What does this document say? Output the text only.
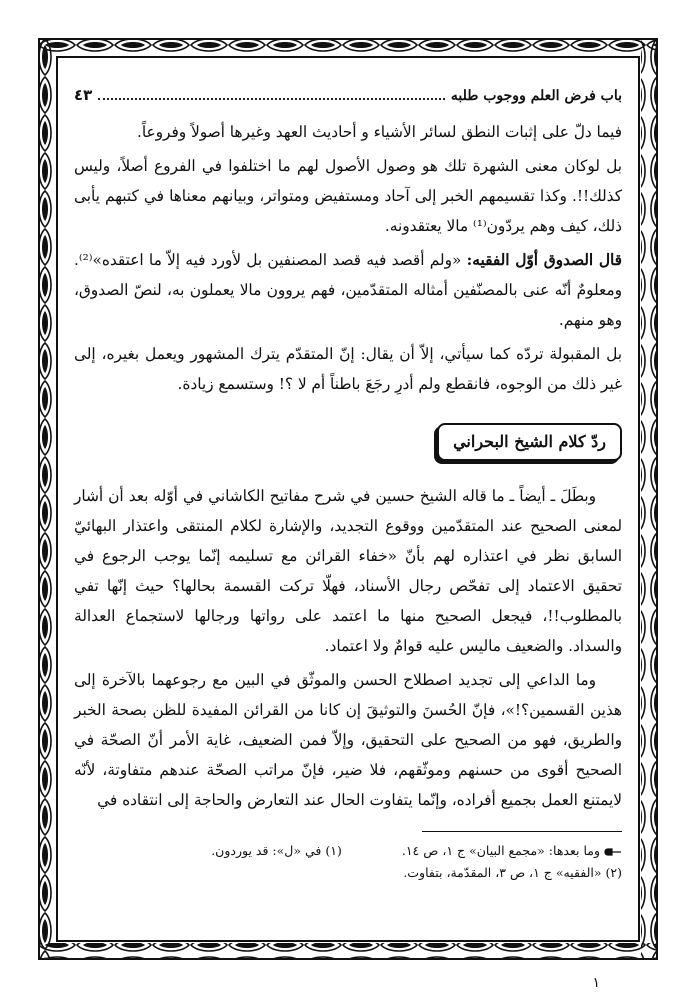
باب فرض العلم ووجوب طلبه
٤٣

فيما دلّ على إثبات النطق لسائر الأشياء و أحاديث العهد وغيرها أصولاً وفروعاً.

بل لوكان معنى الشهرة تلك هو وصول الأصول لهم ما اختلفوا في الفروع أصلاً، وليس كذلك!!. وكذا تقسيمهم الخبر إلى آحاد ومستفيض ومتواتر، وبيانهم معناها في كتبهم يأبى ذلك، كيف وهم يردّون⁽¹⁾ مالا يعتقدونه.

قال الصدوق أوّل الفقيه: «ولم أقصد فيه قصد المصنفين بل لأورد فيه إلاّ ما اعتقده»⁽²⁾. ومعلومٌ أنّه عنى بالمصنّفين أمثاله المتقدّمين، فهم يروون مالا يعملون به، لنصّ الصدوق، وهو منهم.

بل المقبولة تردّه كما سيأتي، إلاّ أن يقال: إنّ المتقدّم يترك المشهور ويعمل بغيره، إلى غير ذلك من الوجوه، فانقطع ولم أدرِ رجَعَ باطناً أم لا ؟! وستسمع زيادة.

ردّ كلام الشيخ البحراني

وبطَلَ ـ أيضاً ـ ما قاله الشيخ حسين في شرح مفاتيح الكاشاني في أوّله بعد أن أشار لمعنى الصحيح عند المتقدّمين ووقوع التجديد، والإشارة لكلام المنتقى واعتذار البهائيّ السابق نظر في اعتذاره لهم بأنّ «خفاء القرائن مع تسليمه إنّما يوجب الرجوع في تحقيق الاعتماد إلى تفحّص رجال الأسناد، فهلّا تركت القسمة بحالها؟ حيث إنّها تفي بالمطلوب!!، فيجعل الصحيح منها ما اعتمد على رواتها ورجالها لاستجماع العدالة والسداد. والضعيف ماليس عليه قوامٌ ولا اعتماد.

وما الداعي إلى تجديد اصطلاح الحسن والموثّق في البين مع رجوعهما بالآخرة إلى هذين القسمين؟!»، فإنّ الحُسنَ والتوثيقَ إن كانا من القرائن المفيدة للظن بصحة الخبر والطريق، فهو من الصحيح على التحقيق، وإلاّ فمن الضعيف، غاية الأمر أنّ الصحّة في الصحيح أقوى من حسنهم وموثّقهم، فلا ضير، فإنّ مراتب الصحّة عندهم متفاوتة، لأنّه لايمتنع العمل بجميع أفراده، وإنّما يتفاوت الحال عند التعارض والحاجة إلى انتقاده في

وما بعدها: «مجمع البيان» ج ١، ص ١٤.
(١) في «ل»: قد يوردون.
(٢) «الفقيه» ج ١، ص ٣، المقدّمة، بتفاوت.
١
